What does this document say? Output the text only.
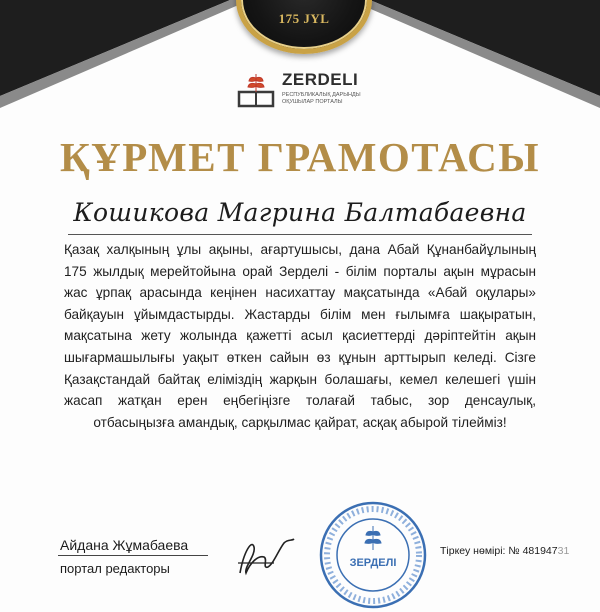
175 JYL
ZERDELI
РЕСПУБЛИКАЛЫҚ ДАРЫНДЫ ОҚУШЫЛАР ПОРТАЛЫ
ҚҰРМЕТ ГРАМОТАСЫ
Кошикова Магрина Балтабаевна
Қазақ халқының ұлы ақыны, ағартушысы, дана Абай Құнанбайұлының 175 жылдық мерейтойына орай Зерделі - білім порталы ақын мұрасын жас ұрпақ арасында кеңінен насихаттау мақсатында «Абай оқулары» байқауын ұйымдастырды. Жастарды білім мен ғылымға шақыратын, мақсатына жету жолында қажетті асыл қасиеттерді дәріптейтін ақын шығармашылығы уақыт өткен сайын өз құнын арттырып келеді. Сізге Қазақстандай байтақ еліміздің жарқын болашағы, кемел келешегі үшін жасап жатқан ерен еңбегіңізге толағай табыс, зор денсаулық, отбасыңызға амандық, сарқылмас қайрат, асқақ абырой тілейміз!
Айдана Жұмабаева
портал редакторы	ЗЕРДЕЛІ
Тіркеу нөмірі: № 48194731
